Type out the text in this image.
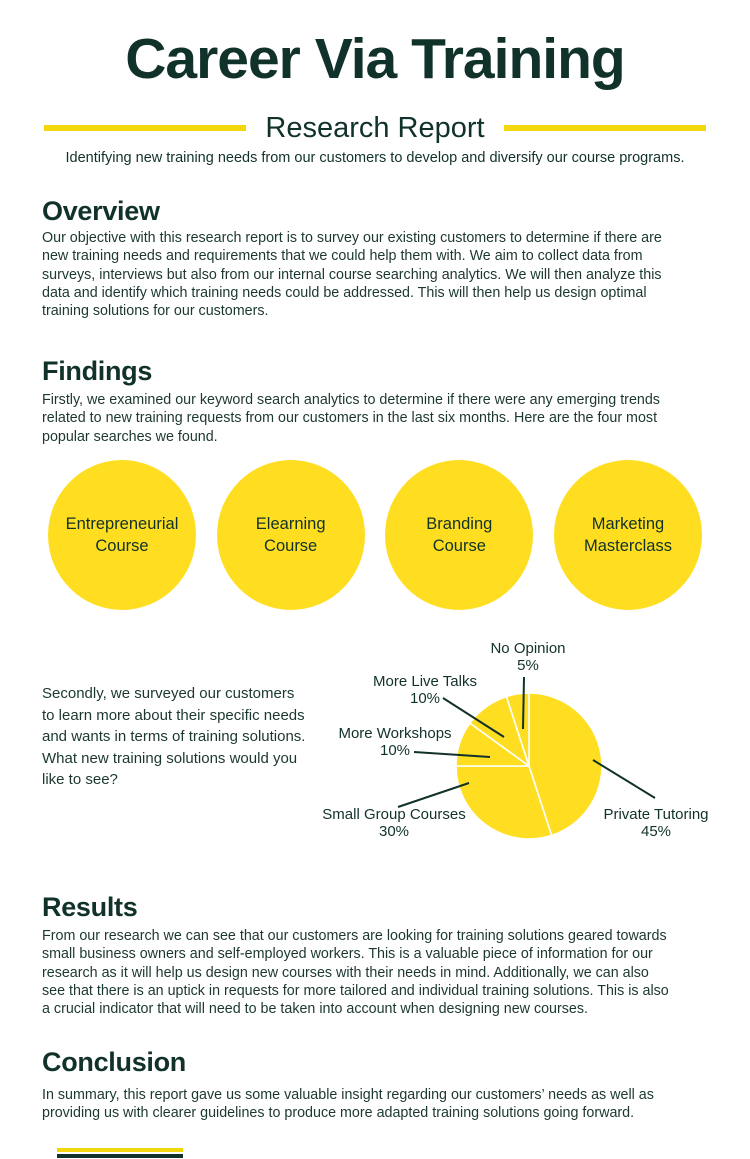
Career Via Training
Research Report

Identifying new training needs from our customers to develop and diversify our course programs.

Overview

Our objective with this research report is to survey our existing customers to determine if there are
new training needs and requirements that we could help them with. We aim to collect data from
surveys, interviews but also from our internal course searching analytics. We will then analyze this
data and identify which training needs could be addressed. This will then help us design optimal
training solutions for our customers.

Findings

Firstly, we examined our keyword search analytics to determine if there were any emerging trends
related to new training requests from our customers in the last six months. Here are the four most
popular searches we found.

Entrepreneurial
Course
Elearning
Course
Branding
Course
Marketing
Masterclass

Secondly, we surveyed our customers
to learn more about their specific needs
and wants in terms of training solutions.
What new training solutions would you
like to see?

Private Tutoring
45%
Small Group Courses
30%
More Workshops
10%
More Live Talks
10%
No Opinion
5%
Results

From our research we can see that our customers are looking for training solutions geared towards
small business owners and self-employed workers. This is a valuable piece of information for our
research as it will help us design new courses with their needs in mind. Additionally, we can also
see that there is an uptick in requests for more tailored and individual training solutions. This is also
a crucial indicator that will need to be taken into account when designing new courses.

Conclusion

In summary, this report gave us some valuable insight regarding our customers’ needs as well as
providing us with clearer guidelines to produce more adapted training solutions going forward.
